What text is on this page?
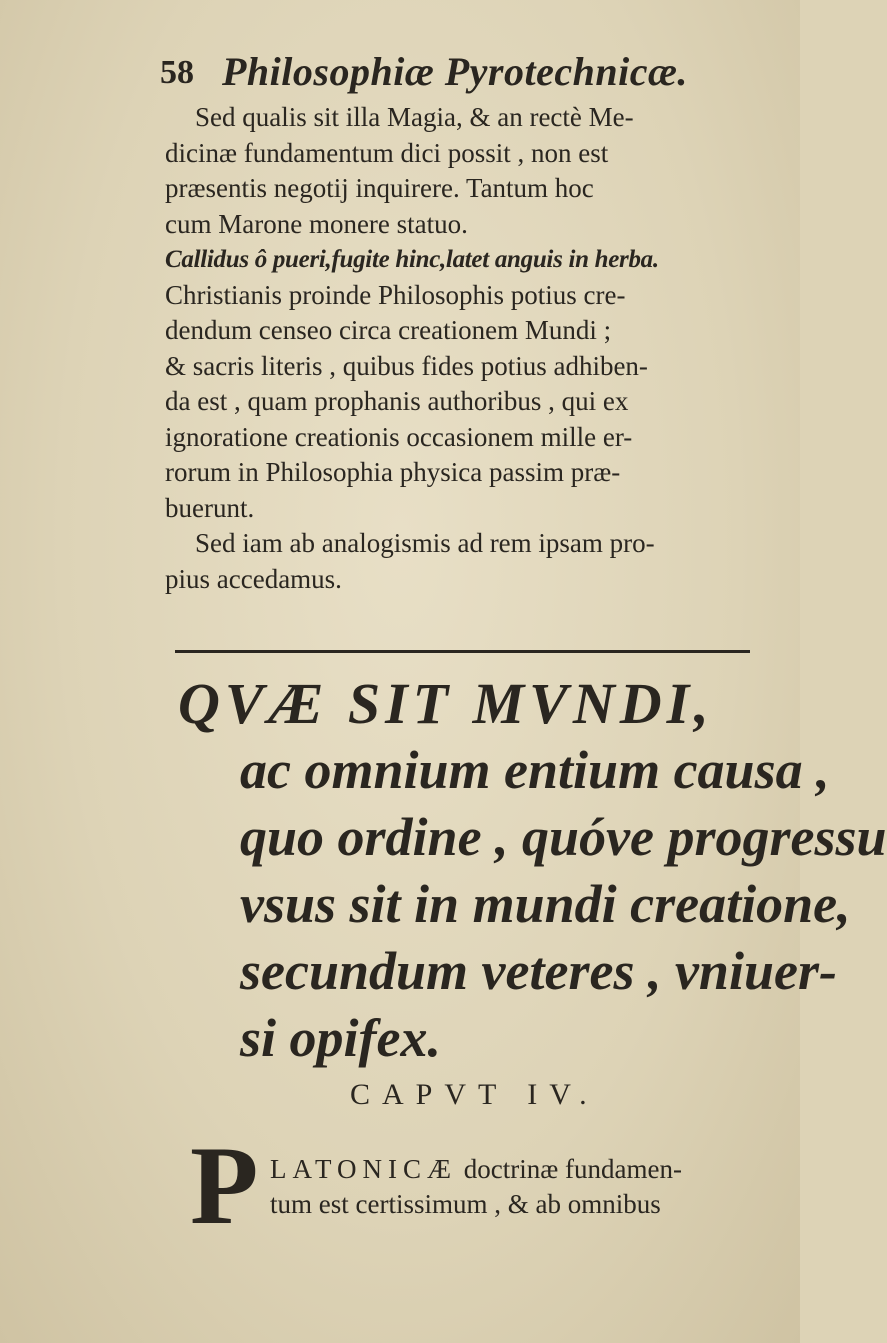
58 Philosophiæ Pyrotechnicæ.
Sed qualis sit illa Magia, & an rectè Me-
dicinæ fundamentum dici possit , non est
præsentis negotij inquirere. Tantum hoc
cum Marone monere statuo.
Callidus ô pueri,fugite hinc,latet anguis in herba.
Christianis proinde Philosophis potius cre-
dendum censeo circa creationem Mundi ;
& sacris literis , quibus fides potius adhiben-
da est , quam prophanis authoribus , qui ex
ignoratione creationis occasionem mille er-
rorum in Philosophia physica passim præ-
buerunt.
Sed iam ab analogismis ad rem ipsam pro-
pius accedamus.
QVÆ SIT MVNDI,
ac omnium entium causa ,
quo ordine , quóve progressu
vsus sit in mundi creatione,
secundum veteres , vniuer-
si opifex.
CAPVT IV.
P LATONICÆ doctrinæ fundamen-
tum est certissimum , & ab omnibus
